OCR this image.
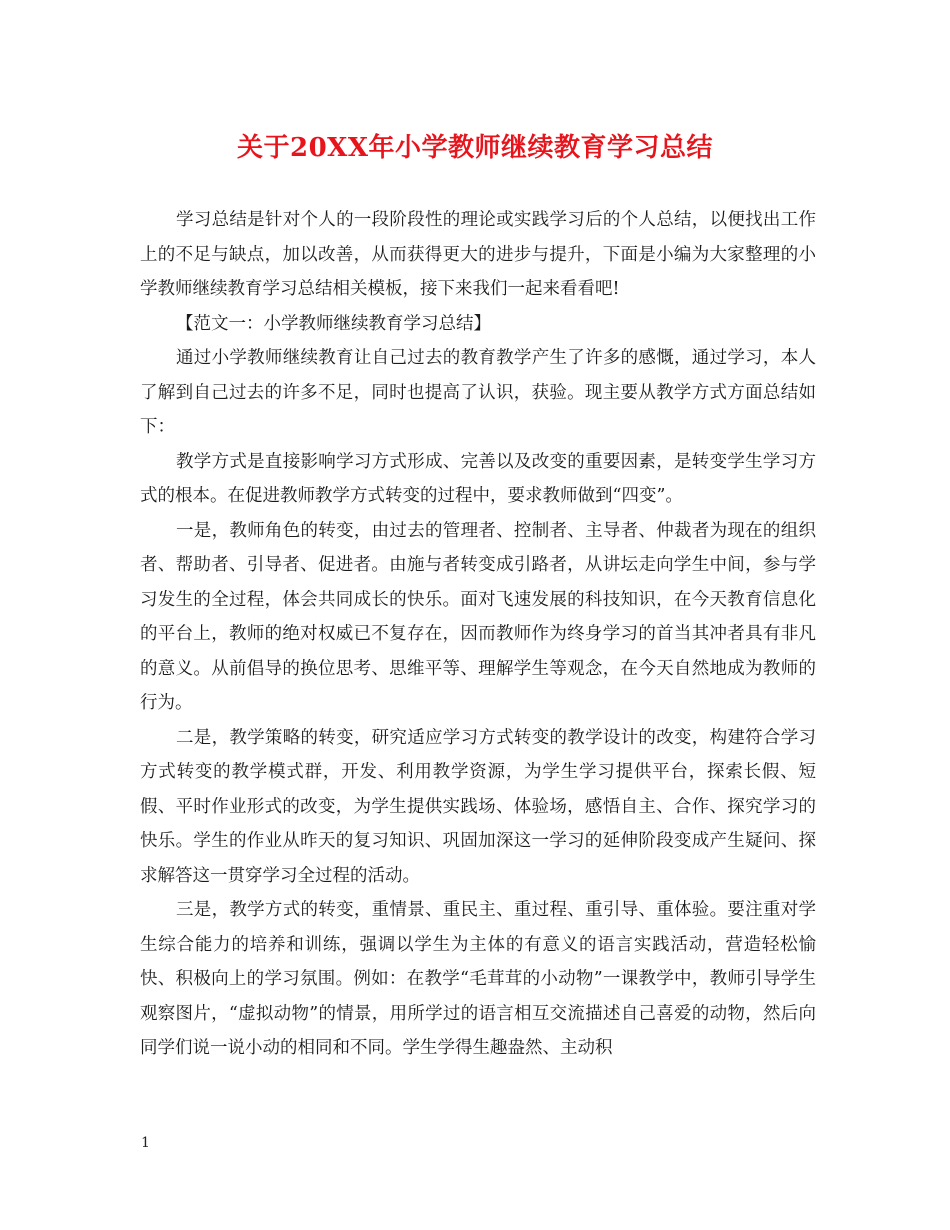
关于20XX年小学教师继续教育学习总结

学习总结是针对个人的一段阶段性的理论或实践学习后的个人总结，以便找出工作上的不足与缺点，加以改善，从而获得更大的进步与提升，下面是小编为大家整理的小学教师继续教育学习总结相关模板，接下来我们一起来看看吧!

【范文一：小学教师继续教育学习总结】

通过小学教师继续教育让自己过去的教育教学产生了许多的感慨，通过学习，本人了解到自己过去的许多不足，同时也提高了认识，获验。现主要从教学方式方面总结如下：

教学方式是直接影响学习方式形成、完善以及改变的重要因素，是转变学生学习方式的根本。在促进教师教学方式转变的过程中，要求教师做到“四变”。

一是，教师角色的转变，由过去的管理者、控制者、主导者、仲裁者为现在的组织者、帮助者、引导者、促进者。由施与者转变成引路者，从讲坛走向学生中间，参与学习发生的全过程，体会共同成长的快乐。面对飞速发展的科技知识，在今天教育信息化的平台上，教师的绝对权威已不复存在，因而教师作为终身学习的首当其冲者具有非凡的意义。从前倡导的换位思考、思维平等、理解学生等观念，在今天自然地成为教师的行为。

二是，教学策略的转变，研究适应学习方式转变的教学设计的改变，构建符合学习方式转变的教学模式群，开发、利用教学资源，为学生学习提供平台，探索长假、短假、平时作业形式的改变，为学生提供实践场、体验场，感悟自主、合作、探究学习的快乐。学生的作业从昨天的复习知识、巩固加深这一学习的延伸阶段变成产生疑问、探求解答这一贯穿学习全过程的活动。

三是，教学方式的转变，重情景、重民主、重过程、重引导、重体验。要注重对学生综合能力的培养和训练，强调以学生为主体的有意义的语言实践活动，营造轻松愉快、积极向上的学习氛围。例如：在教学“毛茸茸的小动物”一课教学中，教师引导学生观察图片，“虚拟动物”的情景，用所学过的语言相互交流描述自己喜爱的动物，然后向同学们说一说小动的相同和不同。学生学得生趣盎然、主动积

1
